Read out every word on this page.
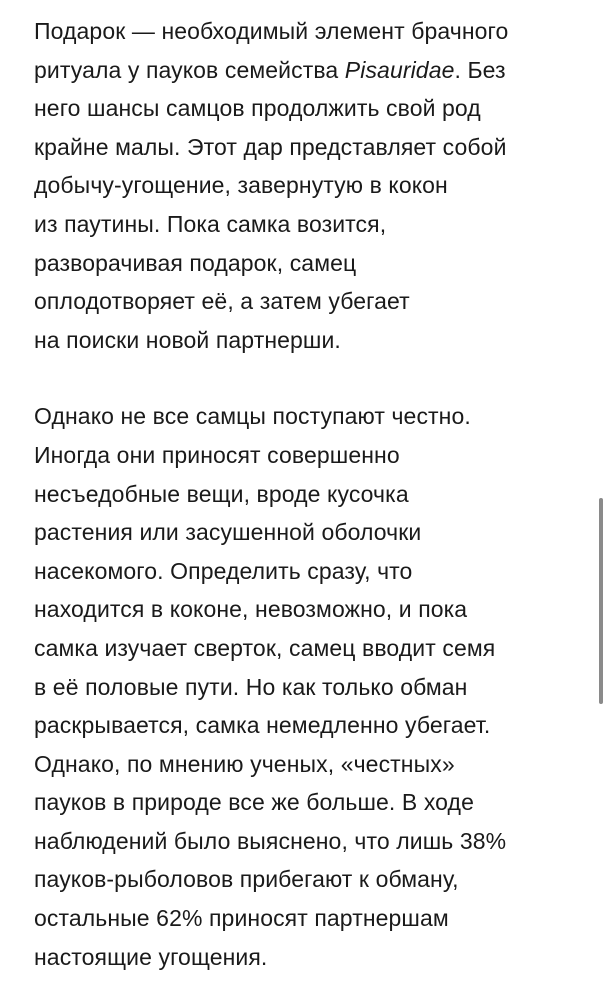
Подарок — необходимый элемент брачного
ритуала у пауков семейства Pisauridae. Без
него шансы самцов продолжить свой род
крайне малы. Этот дар представляет собой
добычу-угощение, завернутую в кокон
из паутины. Пока самка возится,
разворачивая подарок, самец
оплодотворяет её, а затем убегает
на поиски новой партнерши.
Однако не все самцы поступают честно.
Иногда они приносят совершенно
несъедобные вещи, вроде кусочка
растения или засушенной оболочки
насекомого. Определить сразу, что
находится в коконе, невозможно, и пока
самка изучает сверток, самец вводит семя
в её половые пути. Но как только обман
раскрывается, самка немедленно убегает.
Однако, по мнению ученых, «честных»
пауков в природе все же больше. В ходе
наблюдений было выяснено, что лишь 38%
пауков-рыболовов прибегают к обману,
остальные 62% приносят партнершам
настоящие угощения.
